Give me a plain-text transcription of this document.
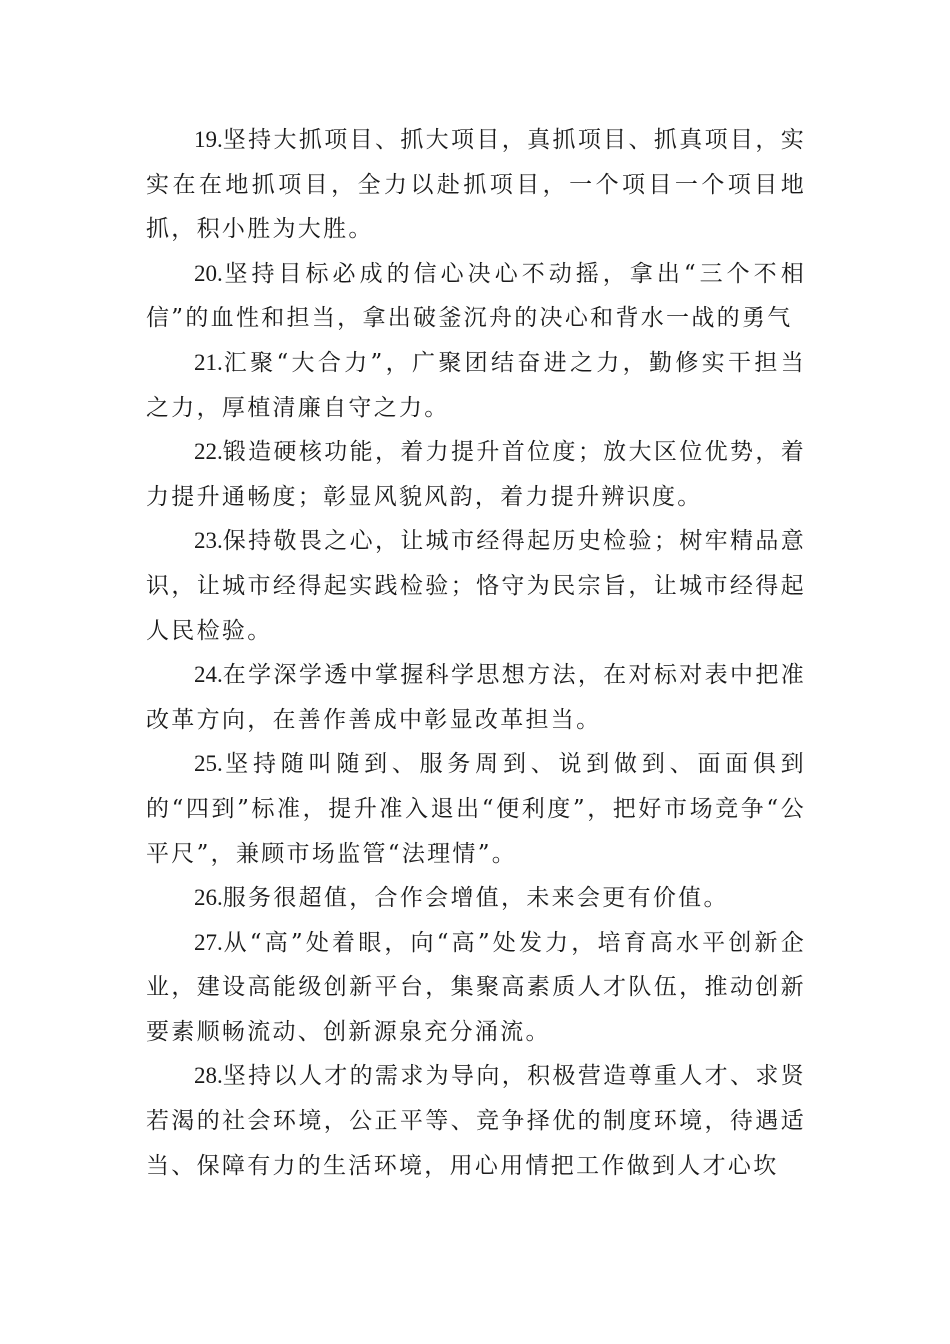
19.坚持大抓项目、抓大项目，真抓项目、抓真项目，实实在在地抓项目，全力以赴抓项目，一个项目一个项目地抓，积小胜为大胜。

20.坚持目标必成的信心决心不动摇，拿出“三个不相信”的血性和担当，拿出破釜沉舟的决心和背水一战的勇气

21.汇聚“大合力”，广聚团结奋进之力，勤修实干担当之力，厚植清廉自守之力。

22.锻造硬核功能，着力提升首位度；放大区位优势，着力提升通畅度；彰显风貌风韵，着力提升辨识度。

23.保持敬畏之心，让城市经得起历史检验；树牢精品意识，让城市经得起实践检验；恪守为民宗旨，让城市经得起人民检验。

24.在学深学透中掌握科学思想方法，在对标对表中把准改革方向，在善作善成中彰显改革担当。

25.坚持随叫随到、服务周到、说到做到、面面俱到的“四到”标准，提升准入退出“便利度”，把好市场竞争“公平尺”，兼顾市场监管“法理情”。

26.服务很超值，合作会增值，未来会更有价值。

27.从“高”处着眼，向“高”处发力，培育高水平创新企业，建设高能级创新平台，集聚高素质人才队伍，推动创新要素顺畅流动、创新源泉充分涌流。

28.坚持以人才的需求为导向，积极营造尊重人才、求贤若渴的社会环境，公正平等、竞争择优的制度环境，待遇适当、保障有力的生活环境，用心用情把工作做到人才心坎
